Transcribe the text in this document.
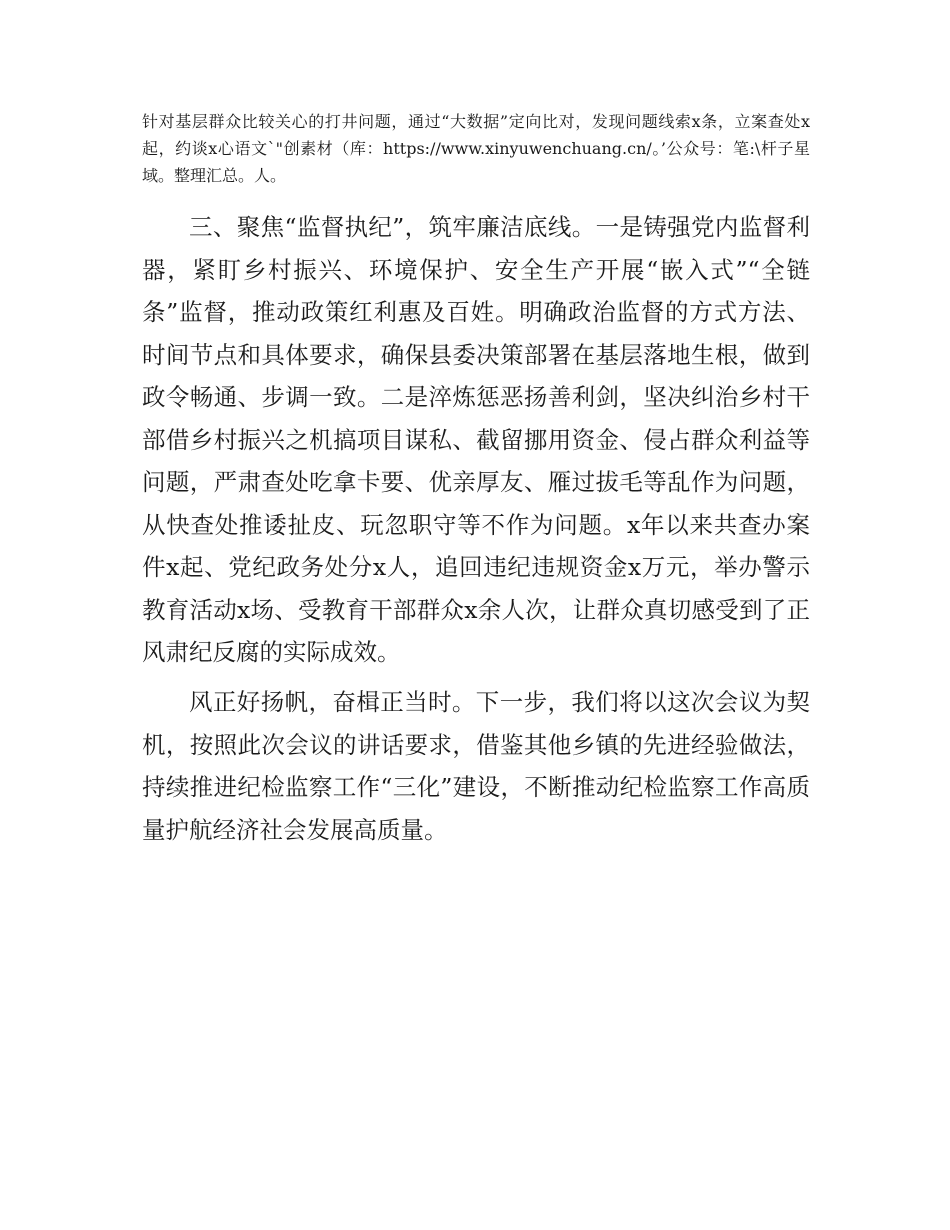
针对基层群众比较关心的打井问题，通过“大数据”定向比对，发现问题线索x条，立案查处x起，约谈x心语文`"创素材（库：https://www.xinyuwenchuang.cn/。’公众号：笔:\杆子星域。整理汇总。人。

三、聚焦“监督执纪”，筑牢廉洁底线。一是铸强党内监督利器，紧盯乡村振兴、环境保护、安全生产开展“嵌入式”“全链条”监督，推动政策红利惠及百姓。明确政治监督的方式方法、时间节点和具体要求，确保县委决策部署在基层落地生根，做到政令畅通、步调一致。二是淬炼惩恶扬善利剑，坚决纠治乡村干部借乡村振兴之机搞项目谋私、截留挪用资金、侵占群众利益等问题，严肃查处吃拿卡要、优亲厚友、雁过拔毛等乱作为问题，从快查处推诿扯皮、玩忽职守等不作为问题。x年以来共查办案件x起、党纪政务处分x人，追回违纪违规资金x万元，举办警示教育活动x场、受教育干部群众x余人次，让群众真切感受到了正风肃纪反腐的实际成效。

风正好扬帆，奋楫正当时。下一步，我们将以这次会议为契机，按照此次会议的讲话要求，借鉴其他乡镇的先进经验做法，持续推进纪检监察工作“三化”建设，不断推动纪检监察工作高质量护航经济社会发展高质量。
